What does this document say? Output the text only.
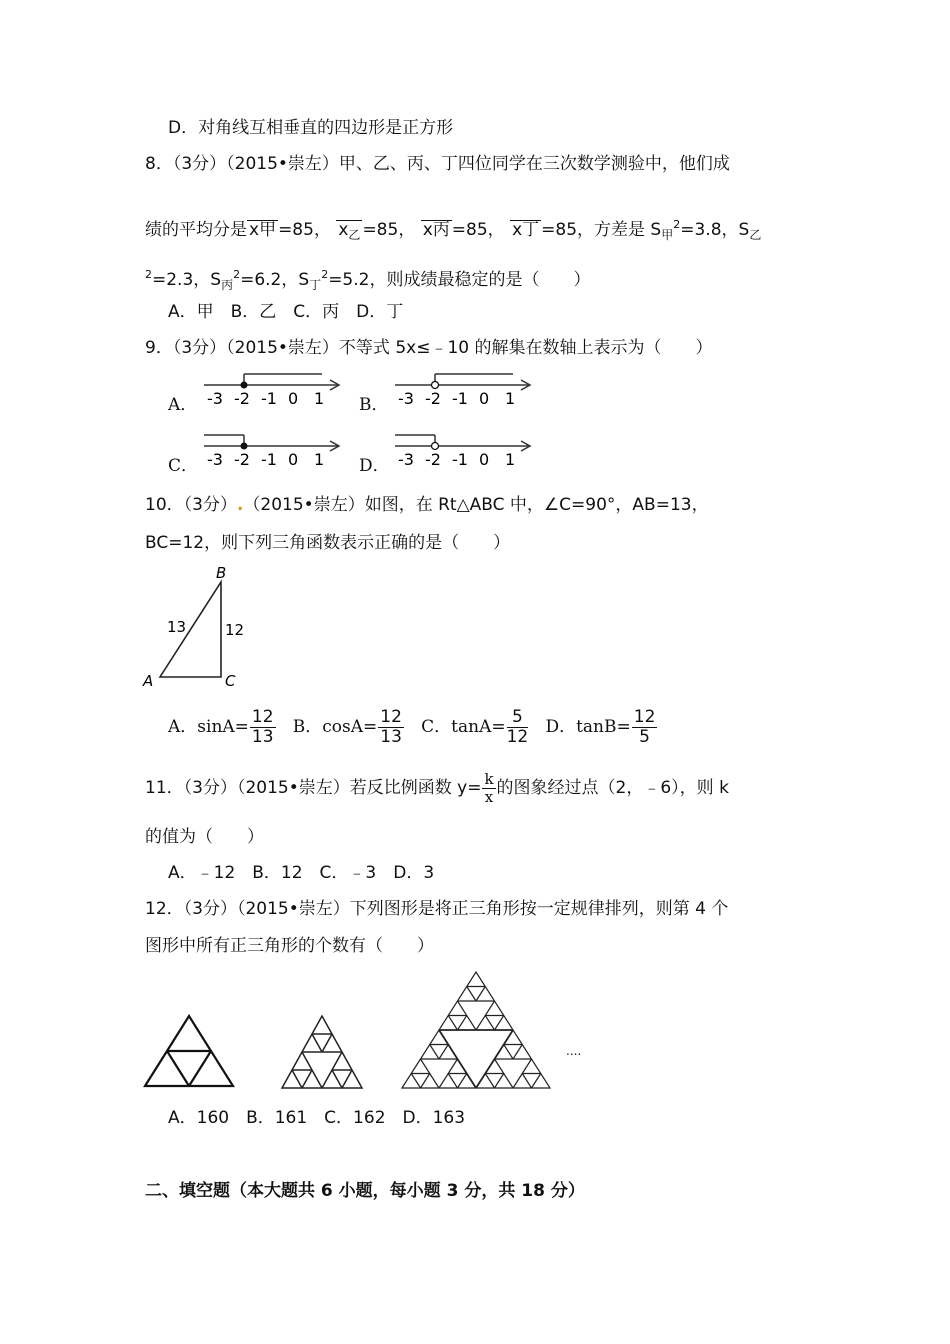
D．对角线互相垂直的四边形是正方形
8．（3分）（2015•崇左）甲、乙、丙、丁四位同学在三次数学测验中，他们成
绩的平均分是 x甲 =85， $x_乙 =85$， x丙 =85， x丁 =85，方差是 $S_甲^2=3.8$，$S_乙$
$^2$=2.3，$S_丙^2=6.2$，$S_丁^2=5.2$，则成绩最稳定的是（　　）
A．甲　B．乙　C．丙　D．丁
9．（3分）（2015•崇左）不等式 5x≤﹣10 的解集在数轴上表示为（　　）
A．	B．
C．	D．
-3 -2 -1 0 1	-3 -2 -1 0 1
-3 -2 -1 0 1	-3 -2 -1 0 1
10．（3分）.（2015•崇左）如图，在 Rt△ABC 中，∠C=90°，AB=13，
BC=12，则下列三角函数表示正确的是（　　）
B
A	C
13	12
A．$\sin A= \frac{12}{13}$ B．$\cos A= \frac{12}{13}$ C．$\tan A= \frac{5}{12}$ D．$\tan B= \frac{12}{5}$
11．（3分）（2015•崇左）若反比例函数 $y= \frac{k}{x}$ 的图象经过点（2，﹣6），则 k
的值为（　　）
A．﹣12　B．12　C．﹣3　D．3
12．（3分）（2015•崇左）下列图形是将正三角形按一定规律排列，则第 4 个
图形中所有正三角形的个数有（　　）
....
A．160　B．161　C．162　D．163
二、填空题（本大题共 6 小题，每小题 3 分，共 18 分）
